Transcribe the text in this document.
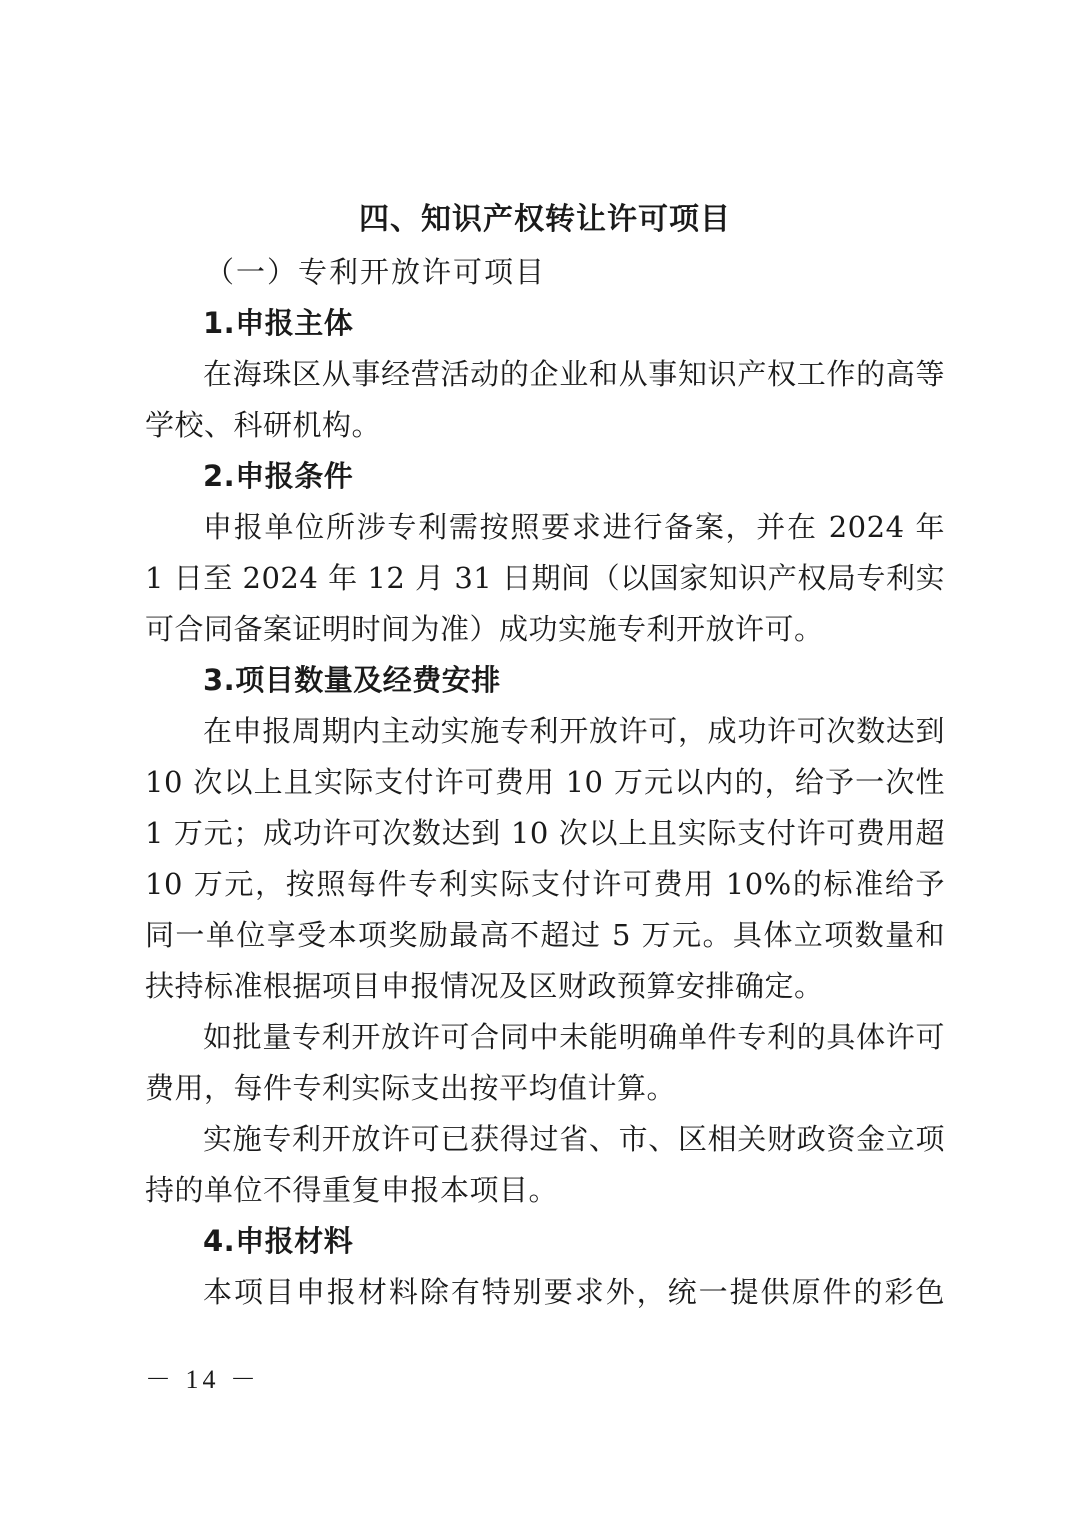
四、知识产权转让许可项目
（一）专利开放许可项目
1.申报主体
在海珠区从事经营活动的企业和从事知识产权工作的高等
学校、科研机构。
2.申报条件
申报单位所涉专利需按照要求进行备案，并在 2024 年
1 日至 2024 年 12 月 31 日期间（以国家知识产权局专利实
可合同备案证明时间为准）成功实施专利开放许可。
3.项目数量及经费安排
在申报周期内主动实施专利开放许可，成功许可次数达到
10 次以上且实际支付许可费用 10 万元以内的，给予一次性
1 万元；成功许可次数达到 10 次以上且实际支付许可费用超
10 万元，按照每件专利实际支付许可费用 10%的标准给予
同一单位享受本项奖励最高不超过 5 万元。具体立项数量和
扶持标准根据项目申报情况及区财政预算安排确定。
如批量专利开放许可合同中未能明确单件专利的具体许可
费用，每件专利实际支出按平均值计算。
实施专利开放许可已获得过省、市、区相关财政资金立项
持的单位不得重复申报本项目。
4.申报材料
本项目申报材料除有特别要求外，统一提供原件的彩色
－ 14 －
